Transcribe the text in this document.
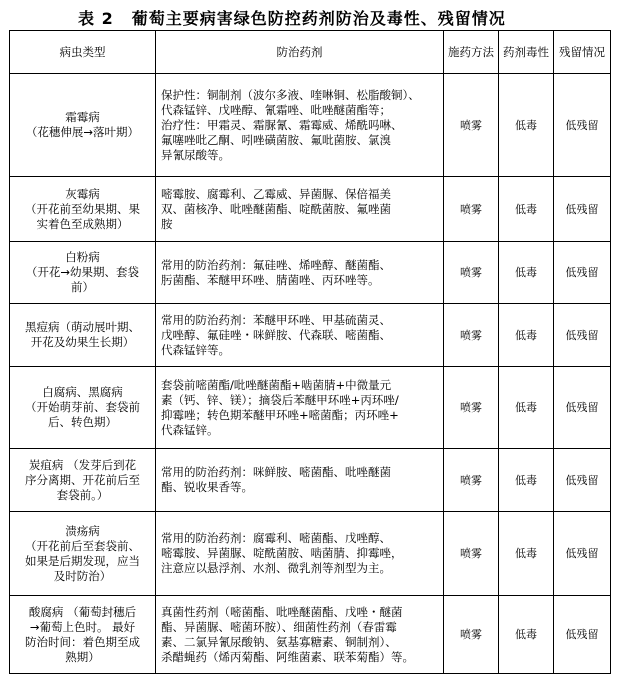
表 2 葡萄主要病害绿色防控药剂防治及毒性、残留情况
病虫类型	防治药剂	施药方法	药剂毒性	残留情况

霜霉病
（花穗伸展→落叶期）	保护性：铜制剂（波尔多液、喹啉铜、松脂酸铜）、
代森锰锌、戊唑醇、氰霜唑、吡唑醚菌酯等；
治疗性：甲霜灵、霜脲氰、霜霉威、烯酰吗啉、
氟噻唑吡乙酮、吲唑磺菌胺、氟吡菌胺、氯溴
异氰尿酸等。	喷雾	低毒	低残留

灰霉病
（开花前至幼果期、果
实着色至成熟期）	嘧霉胺、腐霉利、乙霉威、异菌脲、保倍福美
双、菌核净、吡唑醚菌酯、啶酰菌胺、氟唑菌
胺	喷雾	低毒	低残留

白粉病
（开花→幼果期、套袋
前）	常用的防治药剂：氟硅唑、烯唑醇、醚菌酯、
肟菌酯、苯醚甲环唑、腈菌唑、丙环唑等。	喷雾	低毒	低残留

黑痘病（萌动展叶期、
开花及幼果生长期）	常用的防治药剂：苯醚甲环唑、甲基硫菌灵、
戊唑醇、氟硅唑・咪鲜胺、代森联、嘧菌酯、
代森锰锌等。	喷雾	低毒	低残留

白腐病、黑腐病
（开始萌芽前、套袋前
后、转色期）	套袋前嘧菌酯/吡唑醚菌酯+啮菌腈+中微量元
素（钙、锌、镁）；摘袋后苯醚甲环唑+丙环唑/
抑霉唑；转色期苯醚甲环唑+嘧菌酯；丙环唑+
代森锰锌。	喷雾	低毒	低残留

炭疽病 （发芽后到花
序分离期、开花前后至
套袋前。）	常用的防治药剂：咪鲜胺、嘧菌酯、吡唑醚菌
酯、锐收果香等。	喷雾	低毒	低残留

溃疡病
（开花前后至套袋前、
如果是后期发现，应当
及时防治）	常用的防治药剂：腐霉利、嘧菌酯、戊唑醇、
嘧霉胺、异菌脲、啶酰菌胺、啮菌腈、抑霉唑，
注意应以悬浮剂、水剂、微乳剂等剂型为主。	喷雾	低毒	低残留

酸腐病 （葡萄封穗后
→葡萄上色时。 最好
防治时间：着色期至成
熟期）	真菌性药剂（嘧菌酯、吡唑醚菌酯、戊唑・醚菌
酯、异菌脲、嘧菌环胺）、细菌性药剂（春雷霉
素、二氯异氰尿酸钠、氨基寡糖素、铜制剂）、
杀醋蝇药（烯丙菊酯、阿维菌素、联苯菊酯）等。	喷雾	低毒	低残留
